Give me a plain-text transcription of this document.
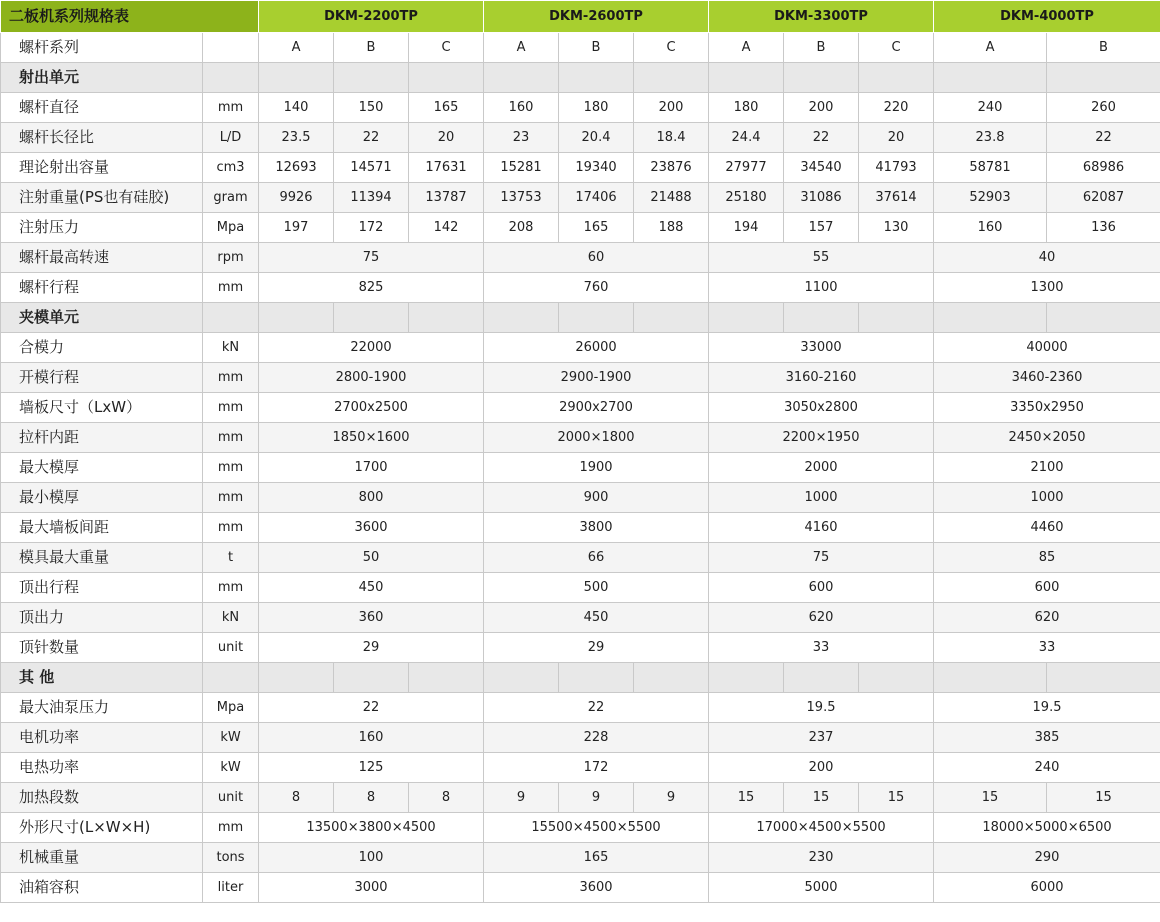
二板机系列规格表		DKM-2200TP			DKM-2600TP			DKM-3300TP			DKM-4000TP	
螺杆系列		A	B	C	A	B	C	A	B	C	A	B
射出单元												
螺杆直径	mm	140	150	165	160	180	200	180	200	220	240	260
螺杆长径比	L/D	23.5	22	20	23	20.4	18.4	24.4	22	20	23.8	22
理论射出容量	cm3	12693	14571	17631	15281	19340	23876	27977	34540	41793	58781	68986
注射重量(PS也有硅胶)	gram	9926	11394	13787	13753	17406	21488	25180	31086	37614	52903	62087
注射压力	Mpa	197	172	142	208	165	188	194	157	130	160	136
螺杆最高转速	rpm	75			60			55			40	
螺杆行程	mm	825			760			1100			1300	
夹模单元												
合模力	kN	22000			26000			33000			40000	
开模行程	mm	2800-1900			2900-1900			3160-2160			3460-2360	
墙板尺寸（LxW）	mm	2700x2500			2900x2700			3050x2800			3350x2950	
拉杆内距	mm	1850×1600			2000×1800			2200×1950			2450×2050	
最大模厚	mm	1700			1900			2000			2100	
最小模厚	mm	800			900			1000			1000	
最大墙板间距	mm	3600			3800			4160			4460	
模具最大重量	t	50			66			75			85	
顶出行程	mm	450			500			600			600	
顶出力	kN	360			450			620			620	
顶针数量	unit	29			29			33			33	
其 他												
最大油泵压力	Mpa	22			22			19.5			19.5	
电机功率	kW	160			228			237			385	
电热功率	kW	125			172			200			240	
加热段数	unit	8	8	8	9	9	9	15	15	15	15	15
外形尺寸(L×W×H)	mm	13500×3800×4500			15500×4500×5500			17000×4500×5500			18000×5000×6500	
机械重量	tons	100			165			230			290	
油箱容积	liter	3000			3600			5000			6000	
